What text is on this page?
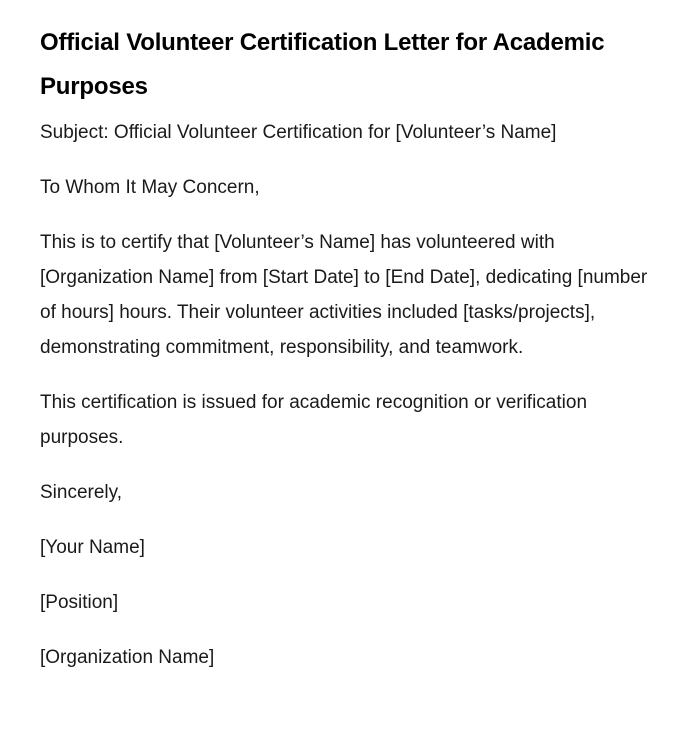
Official Volunteer Certification Letter for Academic Purposes

Subject: Official Volunteer Certification for [Volunteer’s Name]

To Whom It May Concern,

This is to certify that [Volunteer’s Name] has volunteered with [Organization Name] from [Start Date] to [End Date], dedicating [number of hours] hours. Their volunteer activities included [tasks/projects], demonstrating commitment, responsibility, and teamwork.

This certification is issued for academic recognition or verification purposes.

Sincerely,

[Your Name]

[Position]

[Organization Name]
